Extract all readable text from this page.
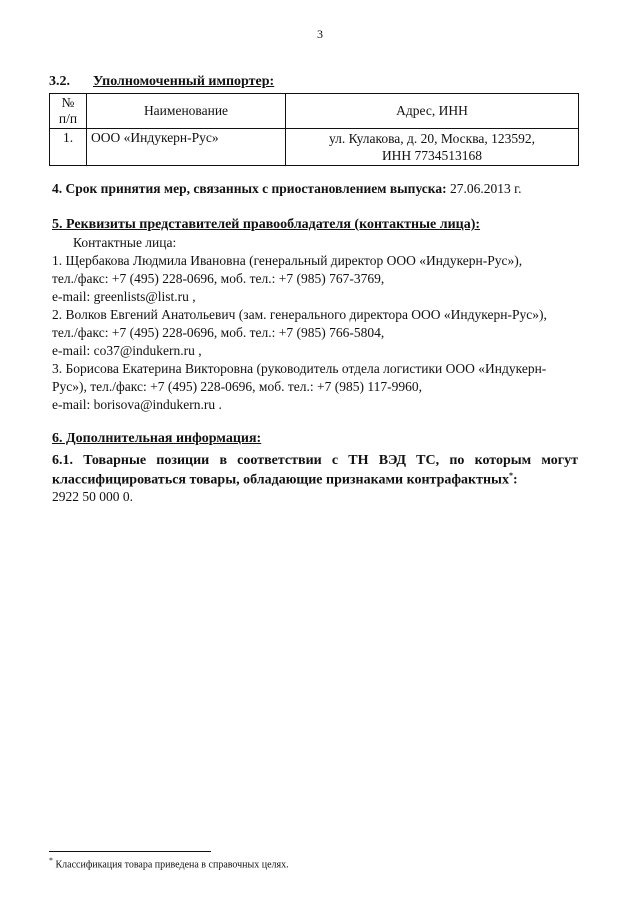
3
3.2. Уполномоченный импортер:
№
п/п	Наименование	Адрес, ИНН
1.	ООО «Индукерн-Рус»	ул. Кулакова, д. 20, Москва, 123592,
ИНН 7734513168
4. Срок принятия мер, связанных с приостановлением выпуска: 27.06.2013 г.
5. Реквизиты представителей правообладателя (контактные лица):
Контактные лица:
1. Щербакова Людмила Ивановна (генеральный директор ООО «Индукерн-Рус»),
тел./факс: +7 (495) 228-0696, моб. тел.: +7 (985) 767-3769,
e-mail: greenlists@list.ru ,
2. Волков Евгений Анатольевич (зам. генерального директора ООО «Индукерн-Рус»),
тел./факс: +7 (495) 228-0696, моб. тел.: +7 (985) 766-5804,
e-mail: co37@indukern.ru ,
3. Борисова Екатерина Викторовна (руководитель отдела логистики ООО «Индукерн-
Рус»), тел./факс: +7 (495) 228-0696, моб. тел.: +7 (985) 117-9960,
e-mail: borisova@indukern.ru .
6. Дополнительная информация:
6.1. Товарные позиции в соответствии с ТН ВЭД ТС, по которым могут
классифицироваться товары, обладающие признаками контрафактных*:
2922 50 000 0.
* Классификация товара приведена в справочных целях.
